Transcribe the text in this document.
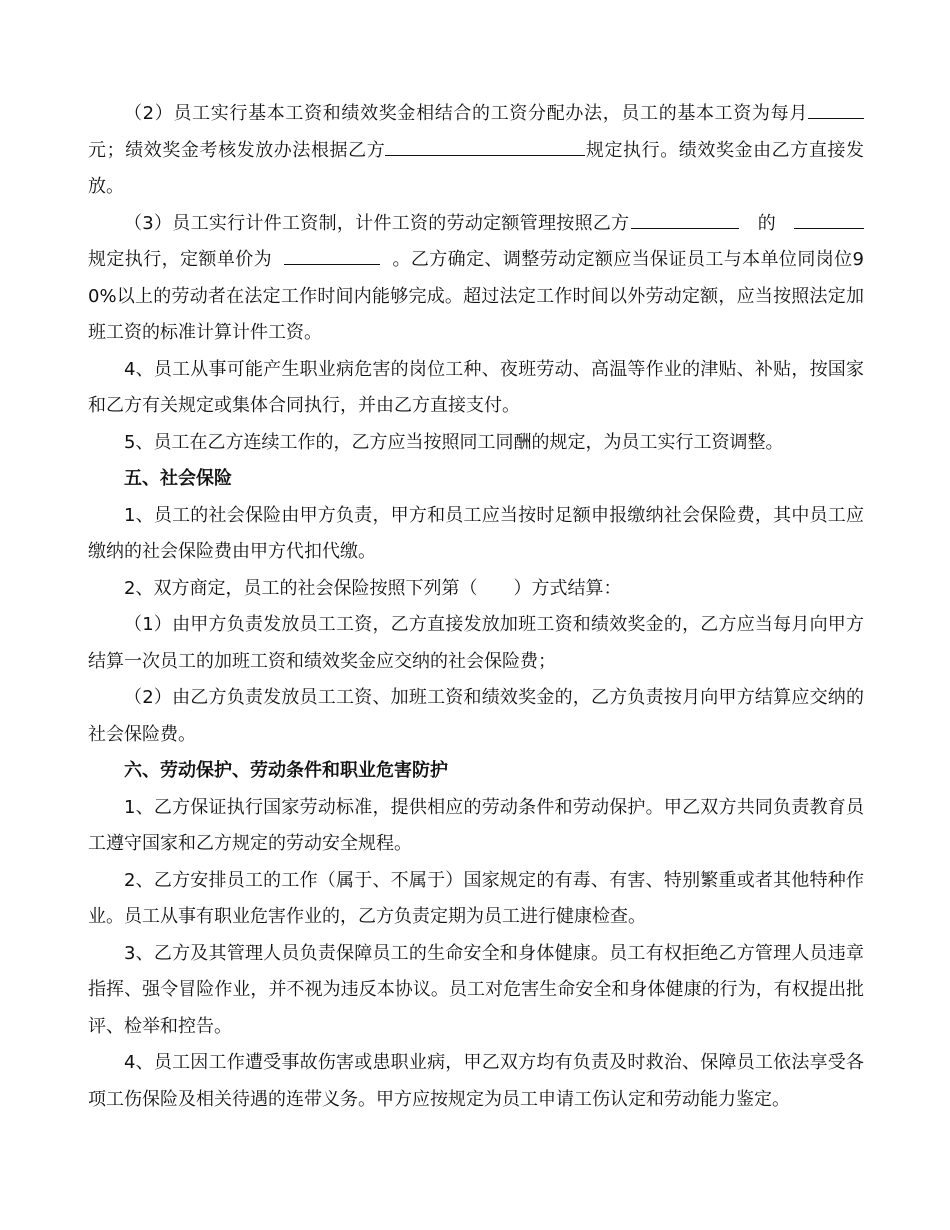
（2）员工实行基本工资和绩效奖金相结合的工资分配办法，员工的基本工资为每月元；绩效奖金考核发放办法根据乙方	规定执行。绩效奖金由乙方直接发放。

（3）员工实行计件工资制，计件工资的劳动定额管理按照乙方	的规定执行，定额单价为	。乙方确定、调整劳动定额应当保证员工与本单位同岗位90%以上的劳动者在法定工作时间内能够完成。超过法定工作时间以外劳动定额，应当按照法定加班工资的标准计算计件工资。

4、员工从事可能产生职业病危害的岗位工种、夜班劳动、高温等作业的津贴、补贴，按国家和乙方有关规定或集体合同执行，并由乙方直接支付。

5、员工在乙方连续工作的，乙方应当按照同工同酬的规定，为员工实行工资调整。

五、社会保险

1、员工的社会保险由甲方负责，甲方和员工应当按时足额申报缴纳社会保险费，其中员工应缴纳的社会保险费由甲方代扣代缴。

2、双方商定，员工的社会保险按照下列第（　　）方式结算：

（1）由甲方负责发放员工工资，乙方直接发放加班工资和绩效奖金的，乙方应当每月向甲方结算一次员工的加班工资和绩效奖金应交纳的社会保险费；

（2）由乙方负责发放员工工资、加班工资和绩效奖金的，乙方负责按月向甲方结算应交纳的社会保险费。

六、劳动保护、劳动条件和职业危害防护

1、乙方保证执行国家劳动标准，提供相应的劳动条件和劳动保护。甲乙双方共同负责教育员工遵守国家和乙方规定的劳动安全规程。

2、乙方安排员工的工作（属于、不属于）国家规定的有毒、有害、特别繁重或者其他特种作业。员工从事有职业危害作业的，乙方负责定期为员工进行健康检查。

3、乙方及其管理人员负责保障员工的生命安全和身体健康。员工有权拒绝乙方管理人员违章指挥、强令冒险作业，并不视为违反本协议。员工对危害生命安全和身体健康的行为，有权提出批评、检举和控告。

4、员工因工作遭受事故伤害或患职业病，甲乙双方均有负责及时救治、保障员工依法享受各项工伤保险及相关待遇的连带义务。甲方应按规定为员工申请工伤认定和劳动能力鉴定。
